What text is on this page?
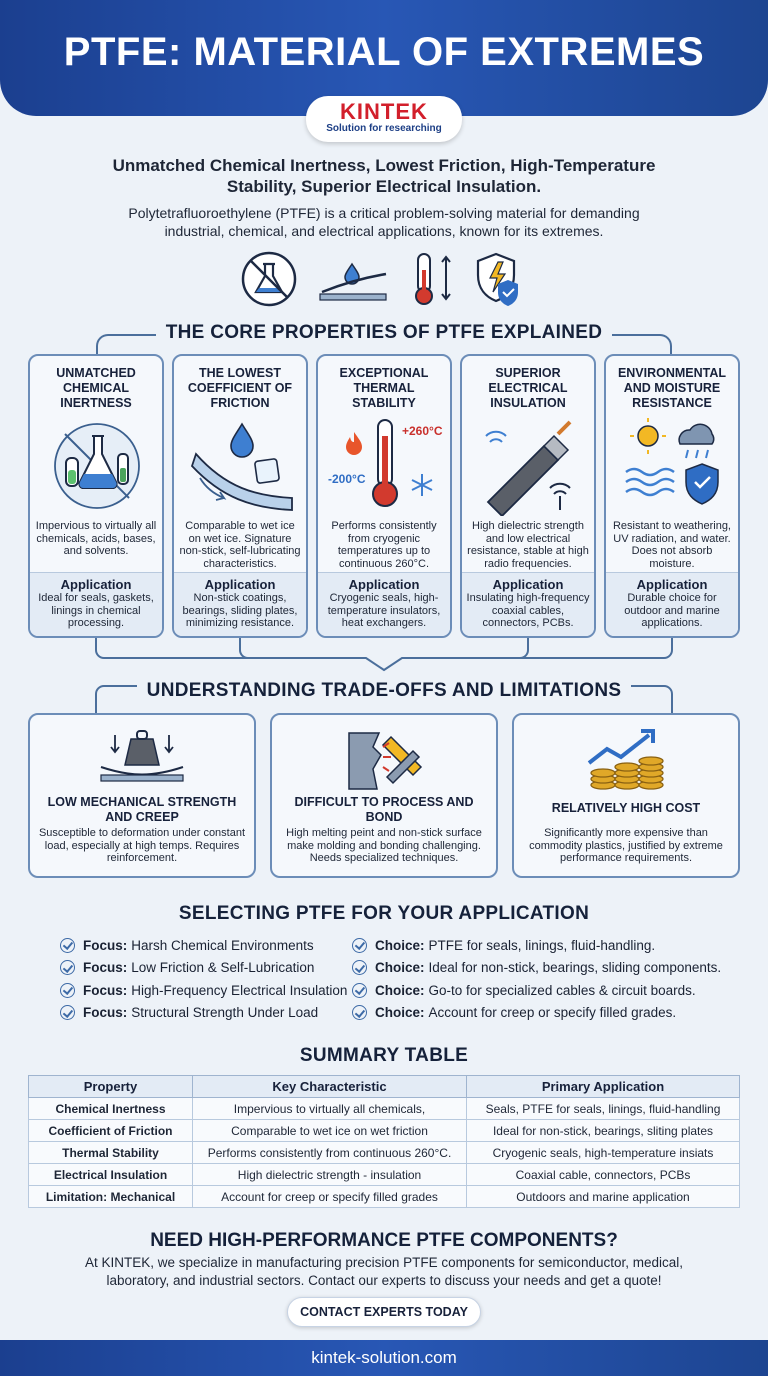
PTFE: MATERIAL OF EXTREMES
KINTEK
Solution for researching
Unmatched Chemical Inertness, Lowest Friction, High-Temperature Stability, Superior Electrical Insulation.
Polytetrafluoroethylene (PTFE) is a critical problem-solving material for demanding industrial, chemical, and electrical applications, known for its extremes.
THE CORE PROPERTIES OF PTFE EXPLAINED
UNMATCHED CHEMICAL INERTNESS
Impervious to virtually all chemicals, acids, bases, and solvents.
Application
Ideal for seals, gaskets, linings in chemical processing.
THE LOWEST COEFFICIENT OF FRICTION
Comparable to wet ice on wet ice. Signature non-stick, self-lubricating characteristics.
Application
Non-stick coatings, bearings, sliding plates, minimizing resistance.
EXCEPTIONAL THERMAL STABILITY
+260°C
-200°C
Performs consistently from cryogenic temperatures up to continuous 260°C.
Application
Cryogenic seals, high-temperature insulators, heat exchangers.
SUPERIOR ELECTRICAL INSULATION
High dielectric strength and low electrical resistance, stable at high radio frequencies.
Application
Insulating high-frequency coaxial cables, connectors, PCBs.
ENVIRONMENTAL AND MOISTURE RESISTANCE
Resistant to weathering, UV radiation, and water. Does not absorb moisture.
Application
Durable choice for outdoor and marine applications.
UNDERSTANDING TRADE-OFFS AND LIMITATIONS
LOW MECHANICAL STRENGTH AND CREEP
Susceptible to deformation under constant load, especially at high temps. Requires reinforcement.
DIFFICULT TO PROCESS AND BOND
High melting peint and non-stick surface make molding and bonding challenging. Needs specialized techniques.
RELATIVELY HIGH COST
Significantly more expensive than commodity plastics, justified by extreme performance requirements.
SELECTING PTFE FOR YOUR APPLICATION
Focus: Harsh Chemical Environments
Focus: Low Friction & Self-Lubrication
Focus: High-Frequency Electrical Insulation
Focus: Structural Strength Under Load
Choice: PTFE for seals, linings, fluid-handling.
Choice: Ideal for non-stick, bearings, sliding components.
Choice: Go-to for specialized cables & circuit boards.
Choice: Account for creep or specify filled grades.
SUMMARY TABLE
Property	Key Characteristic	Primary Application
Chemical Inertness	Impervious to virtually all chemicals,	Seals, PTFE for seals, linings, fluid-handling
Coefficient of Friction	Comparable to wet ice on wet friction	Ideal for non-stick, bearings, sliting plates
Thermal Stability	Performs consistently from continuous 260°C.	Cryogenic seals, high-temperature insiats
Electrical Insulation	High dielectric strength - insulation	Coaxial cable, connectors, PCBs
Limitation: Mechanical	Account for creep or specify filled grades	Outdoors and marine application
NEED HIGH-PERFORMANCE PTFE COMPONENTS?
At KINTEK, we specialize in manufacturing precision PTFE components for semiconductor, medical, laboratory, and industrial sectors. Contact our experts to discuss your needs and get a quote!
CONTACT EXPERTS TODAY
kintek-solution.com
